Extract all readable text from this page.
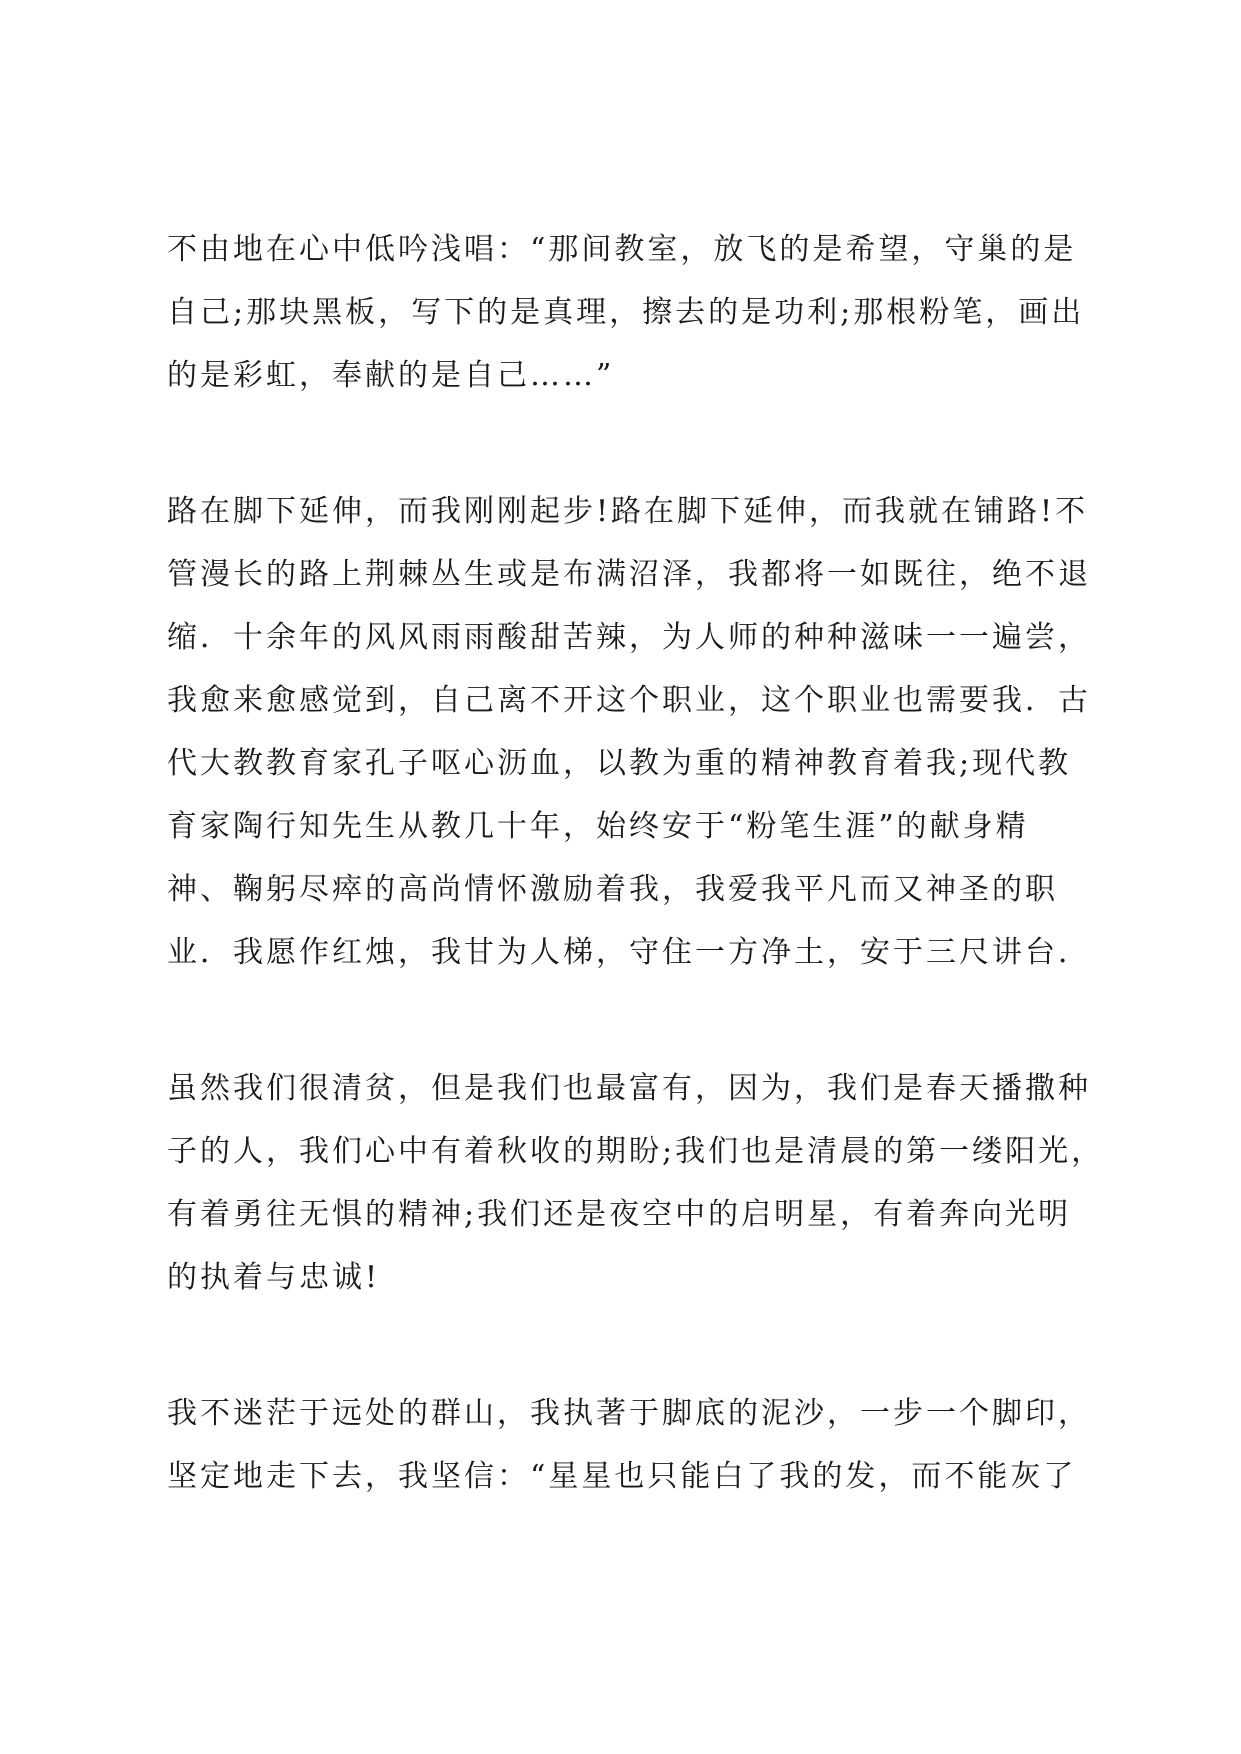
不由地在心中低吟浅唱：“那间教室，放飞的是希望，守巢的是
自己;那块黑板，写下的是真理，擦去的是功利;那根粉笔，画出
的是彩虹，奉献的是自己……”
路在脚下延伸，而我刚刚起步!路在脚下延伸，而我就在铺路!不
管漫长的路上荆棘丛生或是布满沼泽，我都将一如既往，绝不退
缩．十余年的风风雨雨酸甜苦辣，为人师的种种滋味一一遍尝，
我愈来愈感觉到，自己离不开这个职业，这个职业也需要我．古
代大教教育家孔子呕心沥血，以教为重的精神教育着我;现代教
育家陶行知先生从教几十年，始终安于“粉笔生涯”的献身精
神、鞠躬尽瘁的高尚情怀激励着我，我爱我平凡而又神圣的职
业．我愿作红烛，我甘为人梯，守住一方净土，安于三尺讲台．
虽然我们很清贫，但是我们也最富有，因为，我们是春天播撒种
子的人，我们心中有着秋收的期盼;我们也是清晨的第一缕阳光，
有着勇往无惧的精神;我们还是夜空中的启明星，有着奔向光明
的执着与忠诚!
我不迷茫于远处的群山，我执著于脚底的泥沙，一步一个脚印，
坚定地走下去，我坚信：“星星也只能白了我的发，而不能灰了
